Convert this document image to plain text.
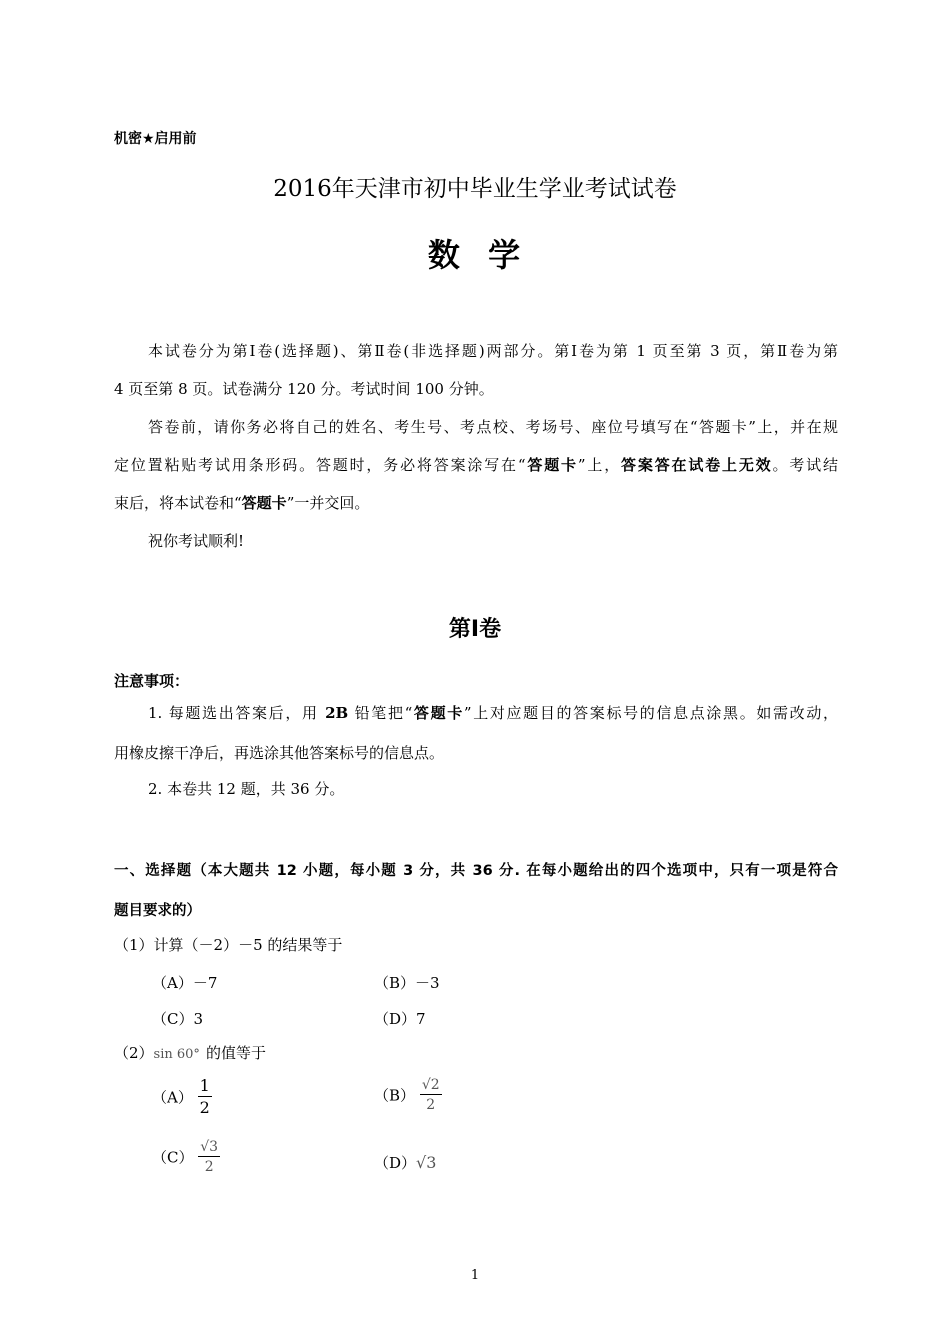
机密★启用前
2016年天津市初中毕业生学业考试试卷
数  学
本试卷分为第Ⅰ卷(选择题)、第Ⅱ卷(非选择题)两部分。第Ⅰ卷为第 1 页至第 3 页，第Ⅱ卷为第
4 页至第 8 页。试卷满分 120 分。考试时间 100 分钟。
答卷前，请你务必将自己的姓名、考生号、考点校、考场号、座位号填写在“答题卡”上，并在规
定位置粘贴考试用条形码。答题时，务必将答案涂写在“答题卡”上，答案答在试卷上无效。考试结
束后，将本试卷和“答题卡”一并交回。
祝你考试顺利!
第Ⅰ卷
注意事项：
1. 每题选出答案后，用 2B 铅笔把“答题卡”上对应题目的答案标号的信息点涂黑。如需改动，
用橡皮擦干净后，再选涂其他答案标号的信息点。
2. 本卷共 12 题，共 36 分。
一、选择题（本大题共 12 小题，每小题 3 分，共 36 分. 在每小题给出的四个选项中，只有一项是符合
题目要求的）
（1）计算（－2）－5 的结果等于
（A）－7	（B）－3
（C）3	（D）7
（2）sin 60° 的值等于
$(A) \frac{1}{2}$	$(B) \frac{√2}{2}$
$(C) \frac{√3}{2}$	（D）√3
1
